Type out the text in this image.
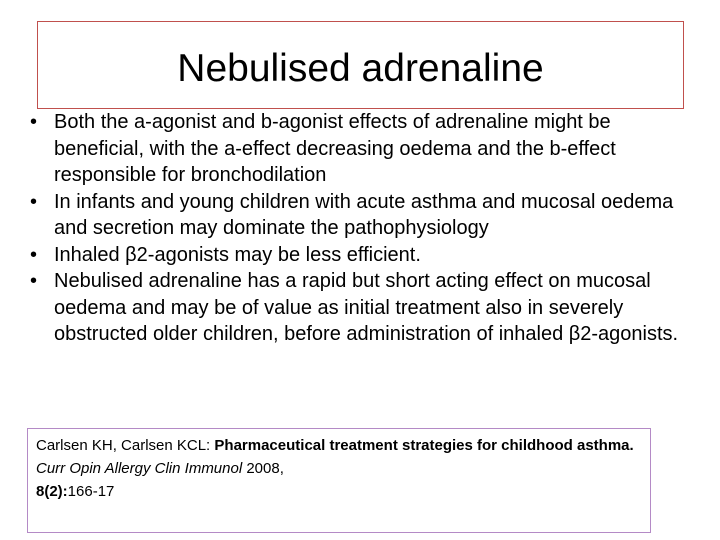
Nebulised adrenaline
• Both the a-agonist and b-agonist effects of adrenaline might be beneficial, with the a-effect decreasing oedema and the b-effect responsible for bronchodilation
• In infants and young children with acute asthma and mucosal oedema and secretion may dominate the pathophysiology
• Inhaled β2-agonists may be less efficient.
• Nebulised adrenaline has a rapid but short acting effect on mucosal oedema and may be of value as initial treatment also in severely obstructed older children, before administration of inhaled β2-agonists.
Carlsen KH, Carlsen KCL: Pharmaceutical treatment strategies for childhood asthma. Curr Opin Allergy Clin Immunol 2008,
8(2):166-17
